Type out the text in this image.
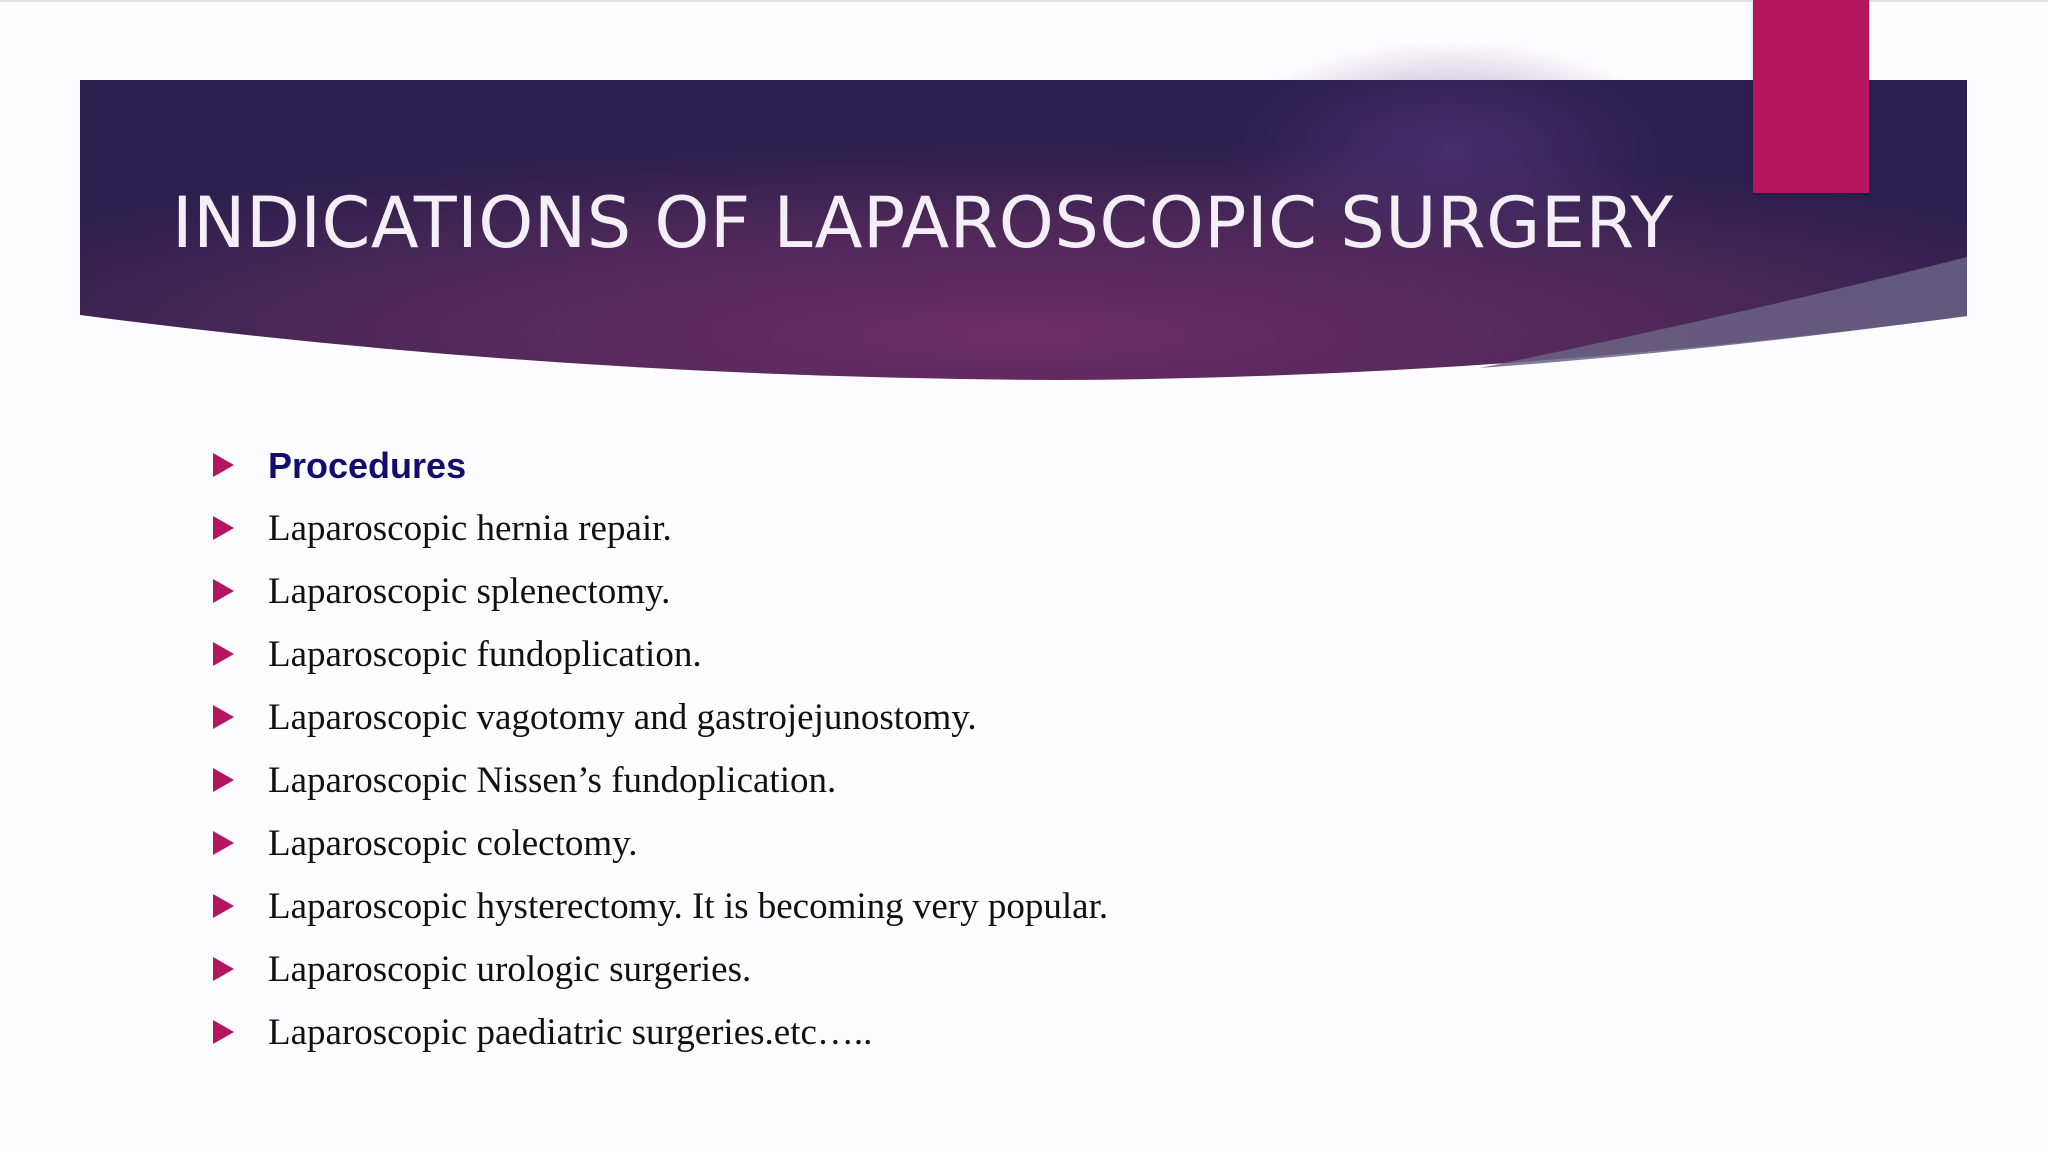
INDICATIONS OF LAPAROSCOPIC SURGERY
Procedures
Laparoscopic hernia repair.
Laparoscopic splenectomy.
Laparoscopic fundoplication.
Laparoscopic vagotomy and gastrojejunostomy.
Laparoscopic Nissen’s fundoplication.
Laparoscopic colectomy.
Laparoscopic hysterectomy. It is becoming very popular.
Laparoscopic urologic surgeries.
Laparoscopic paediatric surgeries.etc…..
